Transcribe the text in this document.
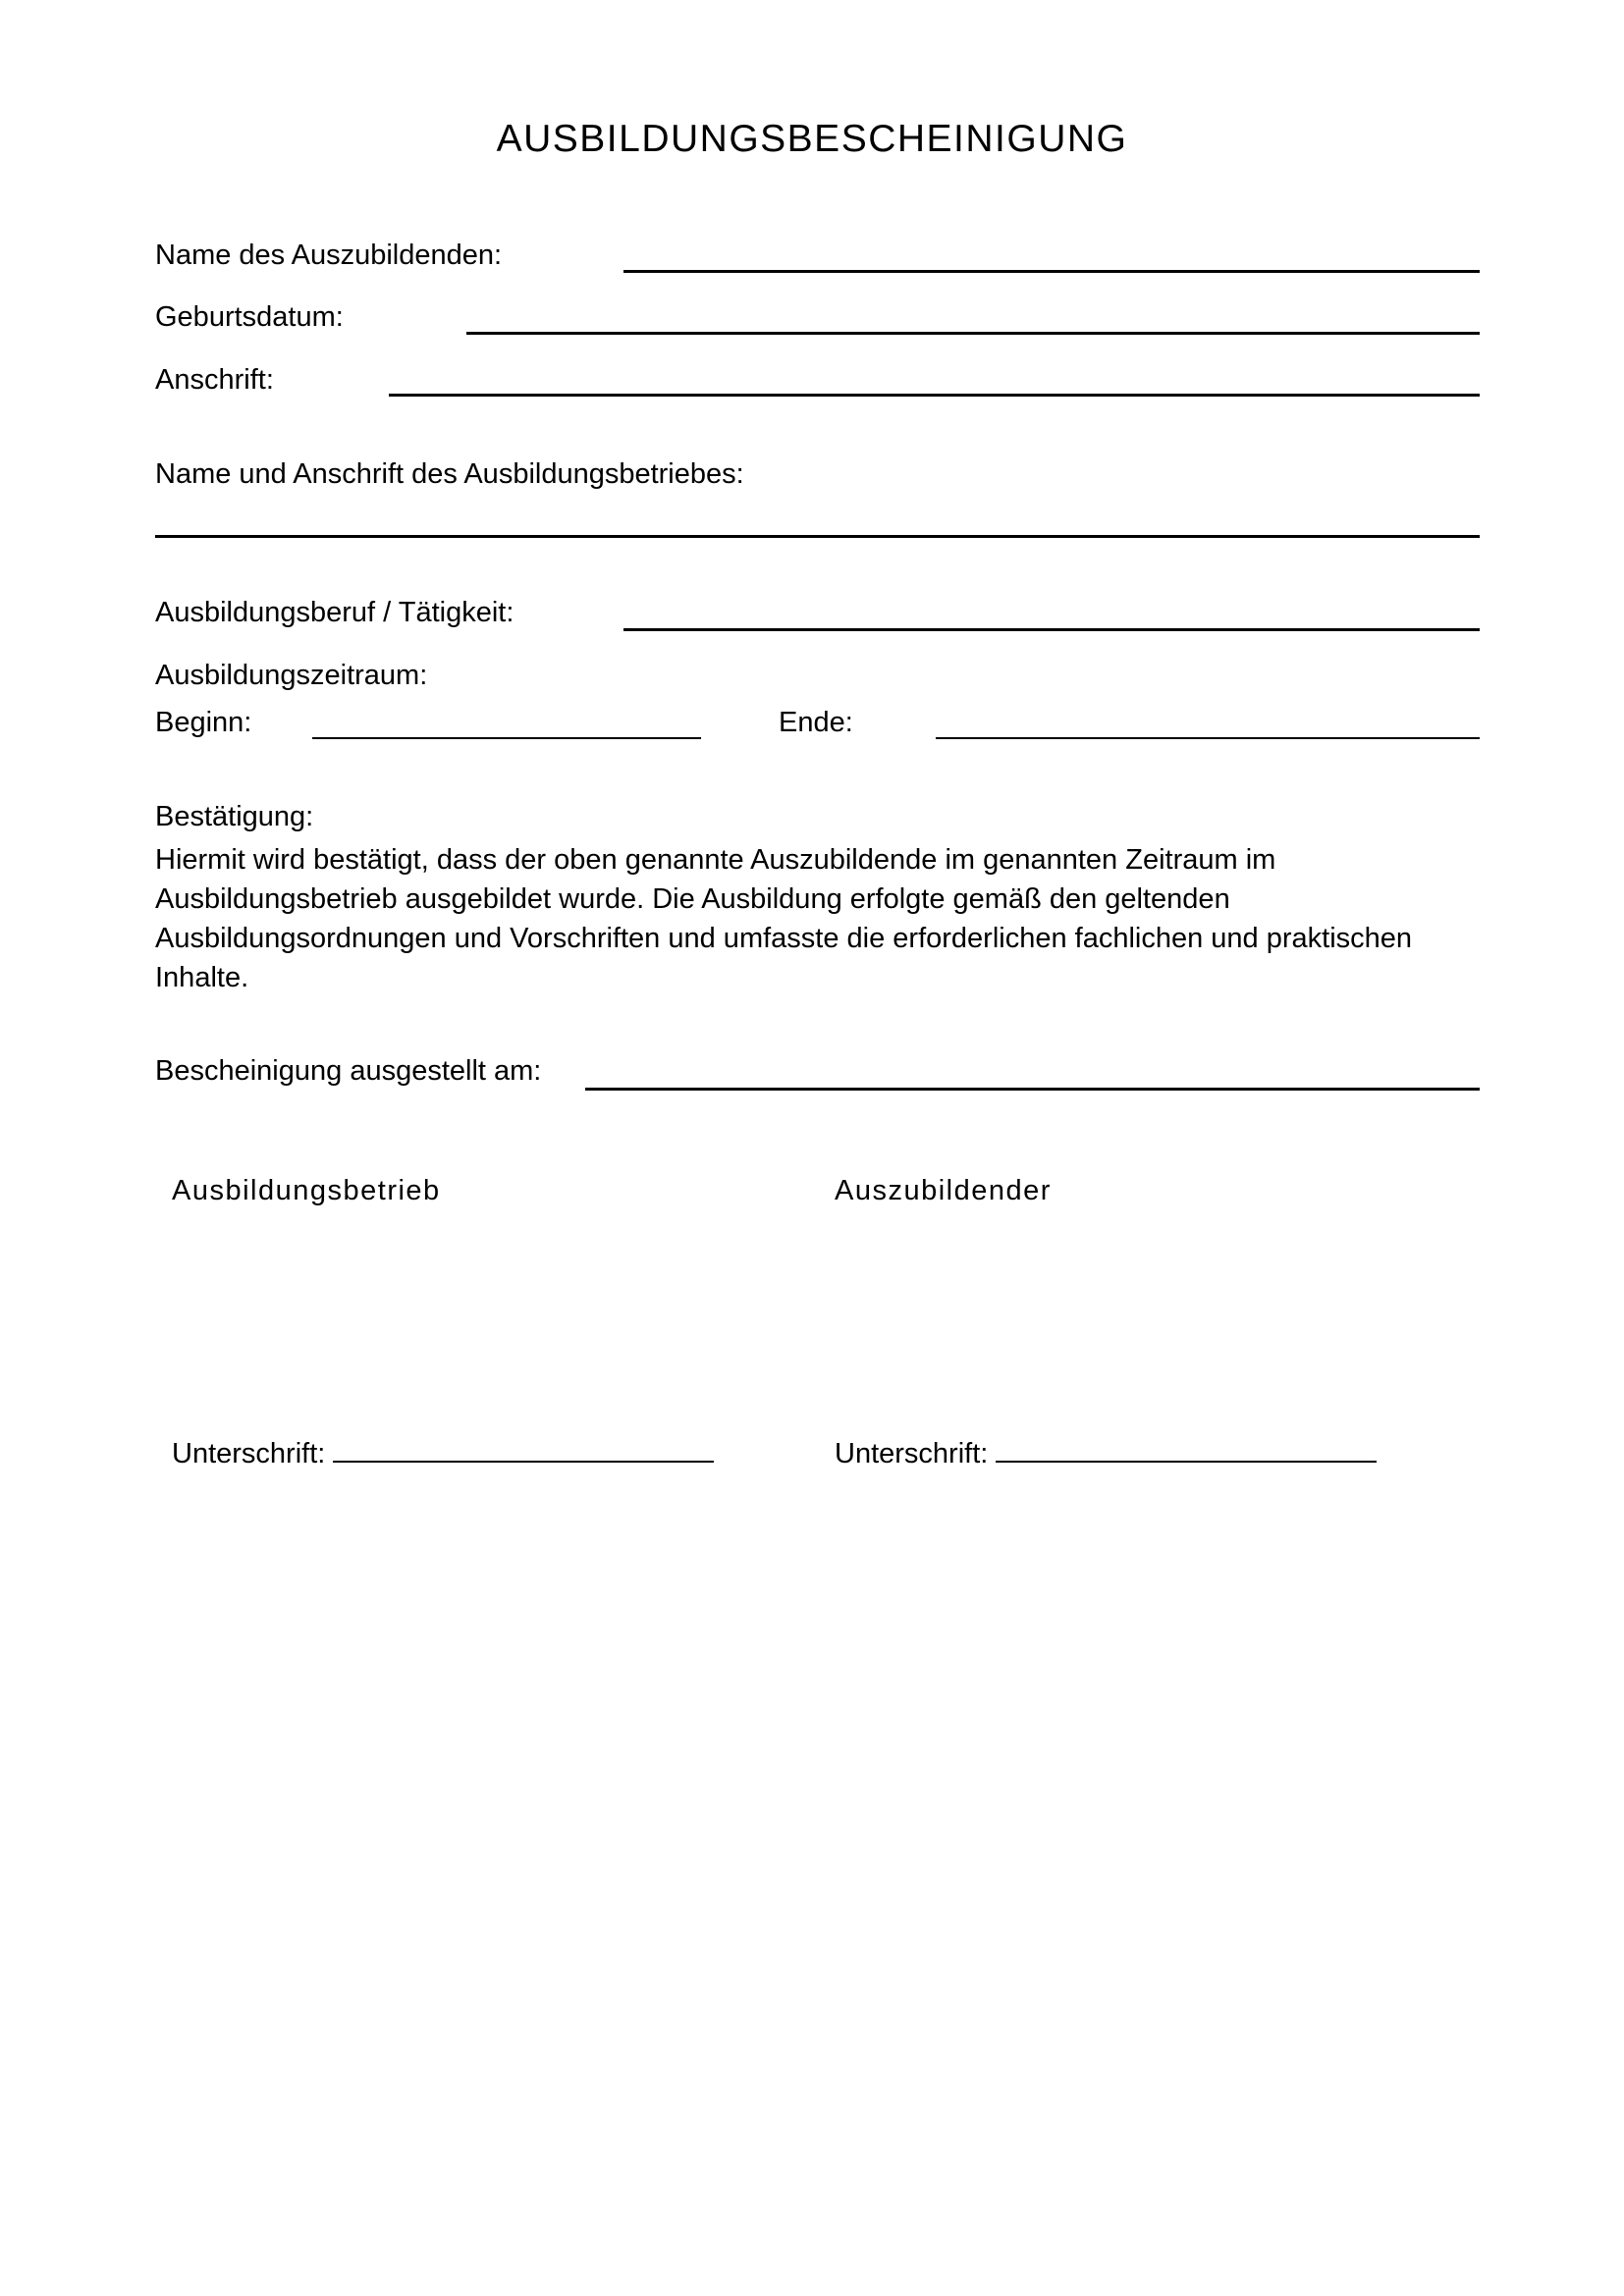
AUSBILDUNGSBESCHEINIGUNG
Name des Auszubildenden:
Geburtsdatum:
Anschrift:
Name und Anschrift des Ausbildungsbetriebes:
Ausbildungsberuf / Tätigkeit:
Ausbildungszeitraum:
Beginn:	Ende:
Bestätigung:
Hiermit wird bestätigt, dass der oben genannte Auszubildende im genannten Zeitraum im Ausbildungsbetrieb ausgebildet wurde. Die Ausbildung erfolgte gemäß den geltenden Ausbildungsordnungen und Vorschriften und umfasste die erforderlichen fachlichen und praktischen Inhalte.
Bescheinigung ausgestellt am:
Ausbildungsbetrieb	Auszubildender
Unterschrift:	Unterschrift:
